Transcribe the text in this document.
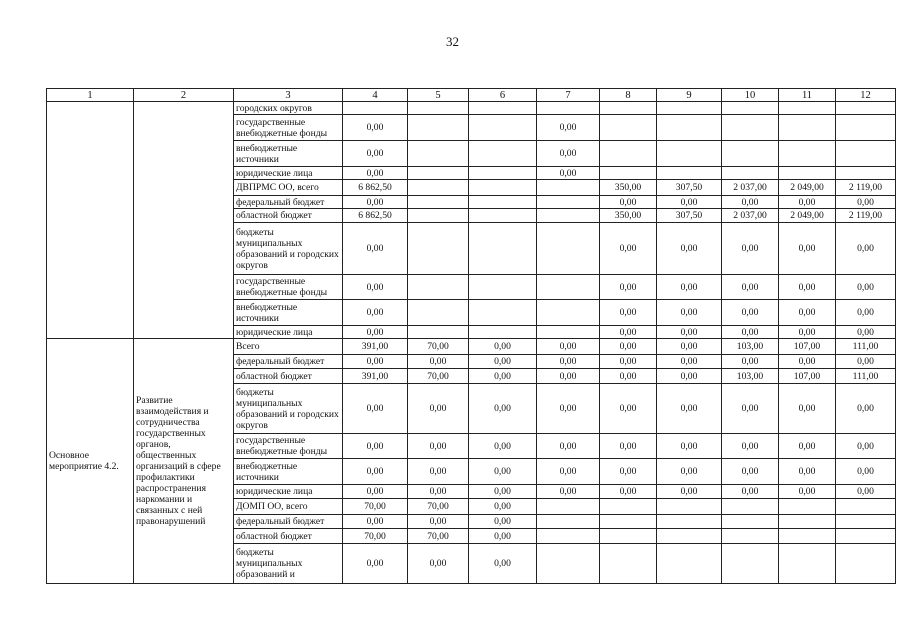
32
1	2	3	4	5	6	7	8	9	10	11	12
		городских округов									
		государственные внебюджетные фонды	0,00			0,00					
		внебюджетные источники	0,00			0,00					
		юридические лица	0,00			0,00					
		ДВПРМС ОО, всего	6 862,50				350,00	307,50	2 037,00	2 049,00	2 119,00
		федеральный бюджет	0,00				0,00	0,00	0,00	0,00	0,00
		областной бюджет	6 862,50				350,00	307,50	2 037,00	2 049,00	2 119,00
		бюджеты муниципальных образований и городских округов	0,00				0,00	0,00	0,00	0,00	0,00
		государственные внебюджетные фонды	0,00				0,00	0,00	0,00	0,00	0,00
		внебюджетные источники	0,00				0,00	0,00	0,00	0,00	0,00
		юридические лица	0,00				0,00	0,00	0,00	0,00	0,00
Основное мероприятие 4.2.	Развитие взаимодействия и сотрудничества государственных органов, общественных организаций в сфере профилактики распространения наркомании и связанных с ней правонарушений	Всего	391,00	70,00	0,00	0,00	0,00	0,00	103,00	107,00	111,00
		федеральный бюджет	0,00	0,00	0,00	0,00	0,00	0,00	0,00	0,00	0,00
		областной бюджет	391,00	70,00	0,00	0,00	0,00	0,00	103,00	107,00	111,00
		бюджеты муниципальных образований и городских округов	0,00	0,00	0,00	0,00	0,00	0,00	0,00	0,00	0,00
		государственные внебюджетные фонды	0,00	0,00	0,00	0,00	0,00	0,00	0,00	0,00	0,00
		внебюджетные источники	0,00	0,00	0,00	0,00	0,00	0,00	0,00	0,00	0,00
		юридические лица	0,00	0,00	0,00	0,00	0,00	0,00	0,00	0,00	0,00
		ДОМП ОО, всего	70,00	70,00	0,00						
		федеральный бюджет	0,00	0,00	0,00						
		областной бюджет	70,00	70,00	0,00						
		бюджеты муниципальных образований и	0,00	0,00	0,00						
